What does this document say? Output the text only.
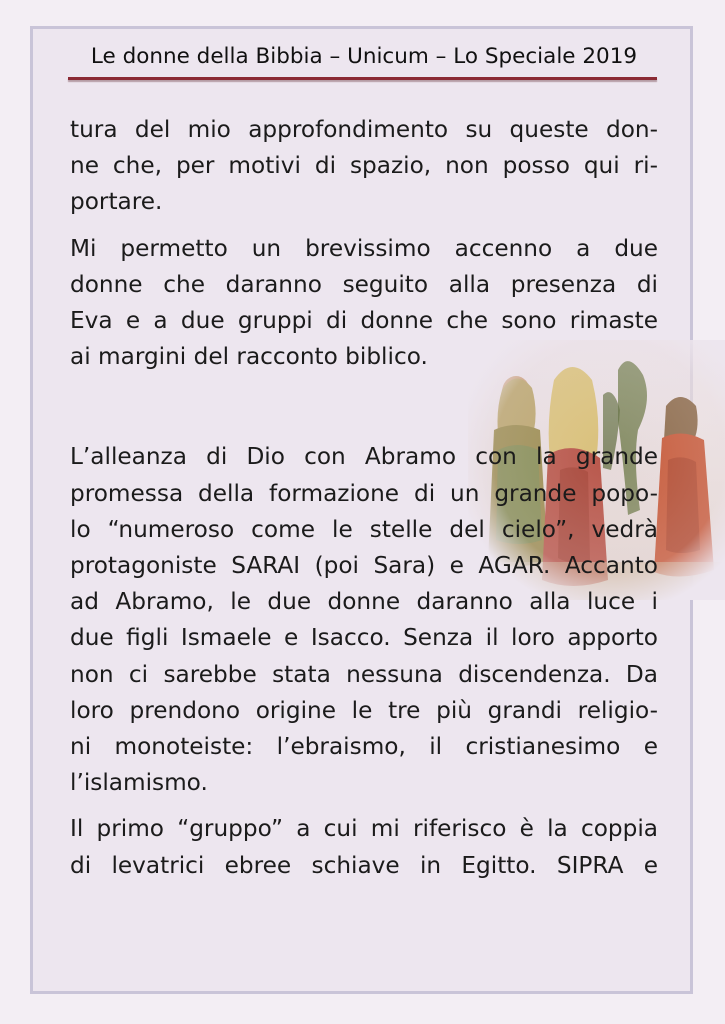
Le donne della Bibbia – Unicum – Lo Speciale 2019

tura del mio approfondimento su queste don-
ne che, per motivi di spazio, non posso qui ri-
portare.

Mi permetto un brevissimo accenno a due
donne che daranno seguito alla presenza di
Eva e a due gruppi di donne che sono rimaste
ai margini del racconto biblico.

L’alleanza di Dio con Abramo con la grande
promessa della formazione di un grande popo-
lo “numeroso come le stelle del cielo”, vedrà
protagoniste SARAI (poi Sara) e AGAR. Accanto
ad Abramo, le due donne daranno alla luce i
due figli Ismaele e Isacco. Senza il loro apporto
non ci sarebbe stata nessuna discendenza. Da
loro prendono origine le tre più grandi religio-
ni monoteiste: l’ebraismo, il cristianesimo e
l’islamismo.

Il primo “gruppo” a cui mi riferisco è la coppia
di levatrici ebree schiave in Egitto. SIPRA e
